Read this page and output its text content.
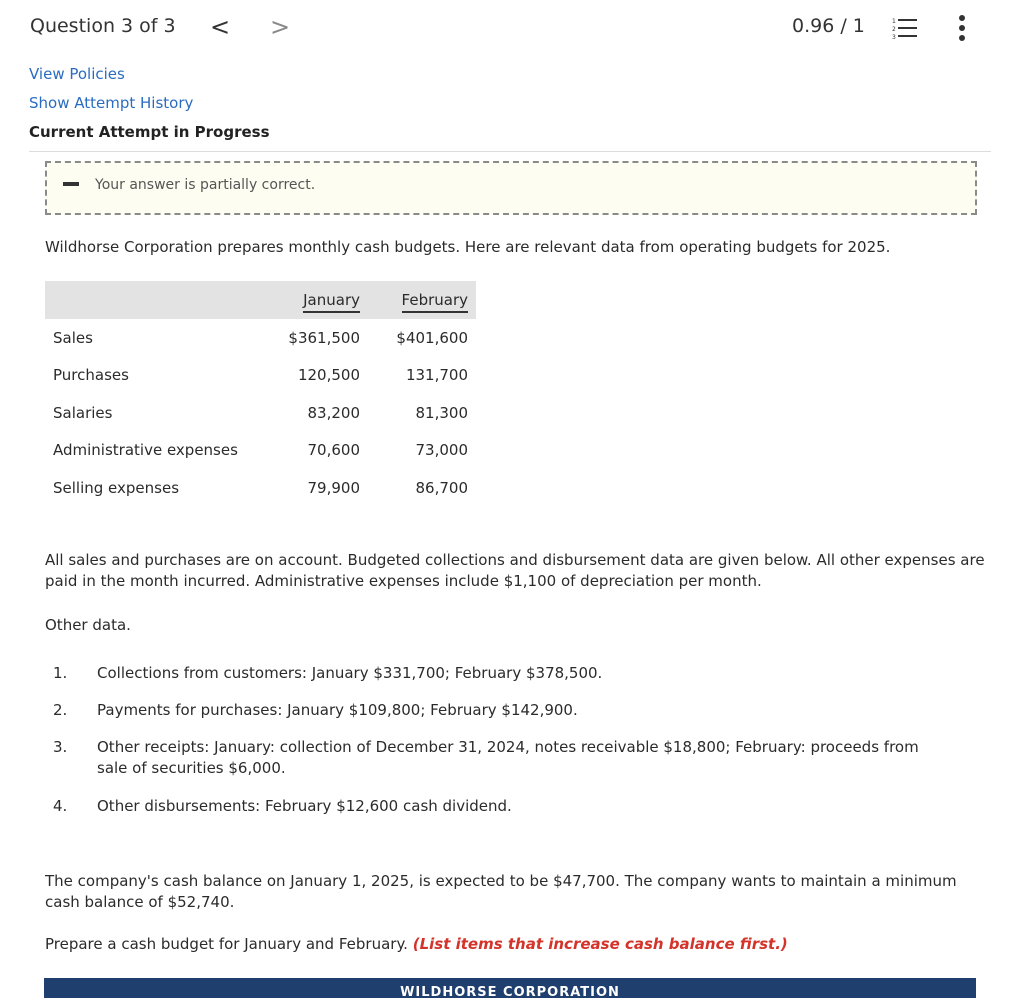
Question 3 of 3 < >	0.96 / 1	1
2
3
View Policies
Show Attempt History
Current Attempt in Progress
Your answer is partially correct.
Wildhorse Corporation prepares monthly cash budgets. Here are relevant data from operating budgets for 2025.
	January	February
Sales	$361,500	$401,600
Purchases	120,500	131,700
Salaries	83,200	81,300
Administrative expenses	70,600	73,000
Selling expenses	79,900	86,700
All sales and purchases are on account. Budgeted collections and disbursement data are given below. All other expenses are paid in the month incurred. Administrative expenses include $1,100 of depreciation per month.
Other data.
1. Collections from customers: January $331,700; February $378,500.
2. Payments for purchases: January $109,800; February $142,900.
3. Other receipts: January: collection of December 31, 2024, notes receivable $18,800; February: proceeds from sale of securities $6,000.
4. Other disbursements: February $12,600 cash dividend.
The company's cash balance on January 1, 2025, is expected to be $47,700. The company wants to maintain a minimum cash balance of $52,740.
Prepare a cash budget for January and February. (List items that increase cash balance first.)
WILDHORSE CORPORATION
